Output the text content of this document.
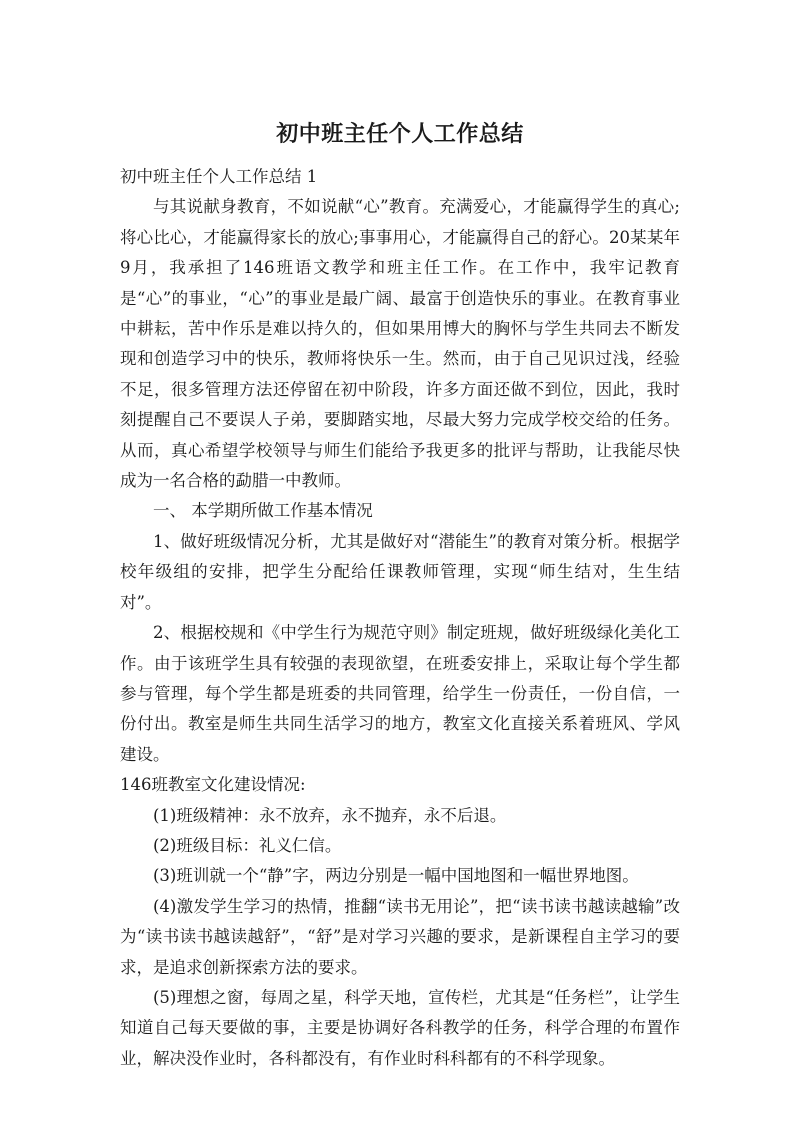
初中班主任个人工作总结

初中班主任个人工作总结 1

与其说献身教育，不如说献“心”教育。充满爱心，才能赢得学生的真心;将心比心，才能赢得家长的放心;事事用心，才能赢得自己的舒心。20某某年9月，我承担了146班语文教学和班主任工作。在工作中，我牢记教育是“心”的事业，“心”的事业是最广阔、最富于创造快乐的事业。在教育事业中耕耘，苦中作乐是难以持久的，但如果用博大的胸怀与学生共同去不断发现和创造学习中的快乐，教师将快乐一生。然而，由于自己见识过浅，经验不足，很多管理方法还停留在初中阶段，许多方面还做不到位，因此，我时刻提醒自己不要误人子弟，要脚踏实地，尽最大努力完成学校交给的任务。从而，真心希望学校领导与师生们能给予我更多的批评与帮助，让我能尽快成为一名合格的勐腊一中教师。

一、 本学期所做工作基本情况

1、做好班级情况分析，尤其是做好对“潜能生”的教育对策分析。根据学校年级组的安排，把学生分配给任课教师管理，实现“师生结对，生生结对”。

2、根据校规和《中学生行为规范守则》制定班规，做好班级绿化美化工作。由于该班学生具有较强的表现欲望，在班委安排上，采取让每个学生都参与管理，每个学生都是班委的共同管理，给学生一份责任，一份自信，一份付出。教室是师生共同生活学习的地方，教室文化直接关系着班风、学风建设。

146班教室文化建设情况:

(1)班级精神：永不放弃，永不抛弃，永不后退。

(2)班级目标：礼义仁信。

(3)班训就一个“静”字，两边分别是一幅中国地图和一幅世界地图。

(4)激发学生学习的热情，推翻“读书无用论”，把“读书读书越读越输”改为“读书读书越读越舒”，“舒”是对学习兴趣的要求，是新课程自主学习的要求，是追求创新探索方法的要求。

(5)理想之窗，每周之星，科学天地，宣传栏，尤其是“任务栏”，让学生知道自己每天要做的事，主要是协调好各科教学的任务，科学合理的布置作业，解决没作业时，各科都没有，有作业时科科都有的不科学现象。
